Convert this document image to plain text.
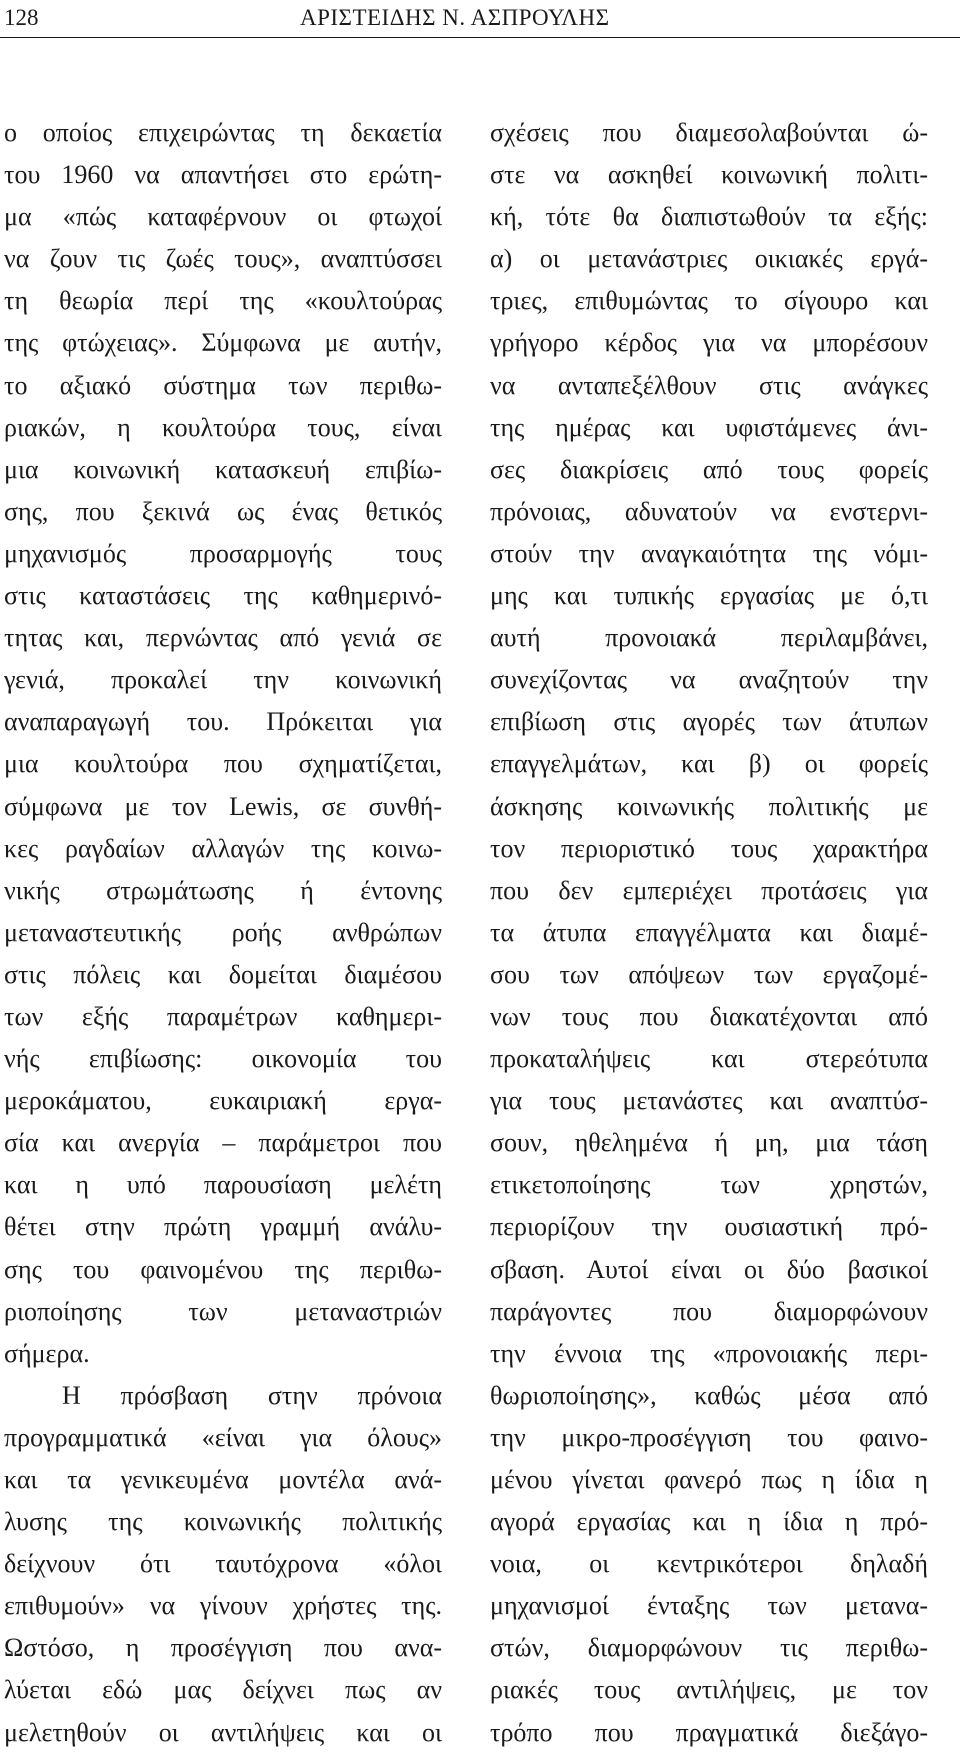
128	ΑΡΙΣΤΕΙΔΗΣ Ν. ΑΣΠΡΟΥΛΗΣ
ο οποίος επιχειρώντας τη δεκαετία
του 1960 να απαντήσει στο ερώτη-
μα «πώς καταφέρνουν οι φτωχοί
να ζουν τις ζωές τους», αναπτύσσει
τη θεωρία περί της «κουλτούρας
της φτώχειας». Σύμφωνα με αυτήν,
το αξιακό σύστημα των περιθω-
ριακών, η κουλτούρα τους, είναι
μια κοινωνική κατασκευή επιβίω-
σης, που ξεκινά ως ένας θετικός
μηχανισμός προσαρμογής τους
στις καταστάσεις της καθημερινό-
τητας και, περνώντας από γενιά σε
γενιά, προκαλεί την κοινωνική
αναπαραγωγή του. Πρόκειται για
μια κουλτούρα που σχηματίζεται,
σύμφωνα με τον Lewis, σε συνθή-
κες ραγδαίων αλλαγών της κοινω-
νικής στρωμάτωσης ή έντονης
μεταναστευτικής ροής ανθρώπων
στις πόλεις και δομείται διαμέσου
των εξής παραμέτρων καθημερι-
νής επιβίωσης: οικονομία του
μεροκάματου, ευκαιριακή εργα-
σία και ανεργία – παράμετροι που
και η υπό παρουσίαση μελέτη
θέτει στην πρώτη γραμμή ανάλυ-
σης του φαινομένου της περιθω-
ριοποίησης των μεταναστριών
σήμερα.
Η πρόσβαση στην πρόνοια
προγραμματικά «είναι για όλους»
και τα γενικευμένα μοντέλα ανά-
λυσης της κοινωνικής πολιτικής
δείχνουν ότι ταυτόχρονα «όλοι
επιθυμούν» να γίνουν χρήστες της.
Ωστόσο, η προσέγγιση που ανα-
λύεται εδώ μας δείχνει πως αν
μελετηθούν οι αντιλήψεις και οι
σχέσεις που διαμεσολαβούνται ώ-
στε να ασκηθεί κοινωνική πολιτι-
κή, τότε θα διαπιστωθούν τα εξής:
α) οι μετανάστριες οικιακές εργά-
τριες, επιθυμώντας το σίγουρο και
γρήγορο κέρδος για να μπορέσουν
να ανταπεξέλθουν στις ανάγκες
της ημέρας και υφιστάμενες άνι-
σες διακρίσεις από τους φορείς
πρόνοιας, αδυνατούν να ενστερνι-
στούν την αναγκαιότητα της νόμι-
μης και τυπικής εργασίας με ό,τι
αυτή προνοιακά περιλαμβάνει,
συνεχίζοντας να αναζητούν την
επιβίωση στις αγορές των άτυπων
επαγγελμάτων, και β) οι φορείς
άσκησης κοινωνικής πολιτικής με
τον περιοριστικό τους χαρακτήρα
που δεν εμπεριέχει προτάσεις για
τα άτυπα επαγγέλματα και διαμέ-
σου των απόψεων των εργαζομέ-
νων τους που διακατέχονται από
προκαταλήψεις και στερεότυπα
για τους μετανάστες και αναπτύσ-
σουν, ηθελημένα ή μη, μια τάση
ετικετοποίησης των χρηστών,
περιορίζουν την ουσιαστική πρό-
σβαση. Αυτοί είναι οι δύο βασικοί
παράγοντες που διαμορφώνουν
την έννοια της «προνοιακής περι-
θωριοποίησης», καθώς μέσα από
την μικρο-προσέγγιση του φαινο-
μένου γίνεται φανερό πως η ίδια η
αγορά εργασίας και η ίδια η πρό-
νοια, οι κεντρικότεροι δηλαδή
μηχανισμοί ένταξης των μετανα-
στών, διαμορφώνουν τις περιθω-
ριακές τους αντιλήψεις, με τον
τρόπο που πραγματικά διεξάγο-
